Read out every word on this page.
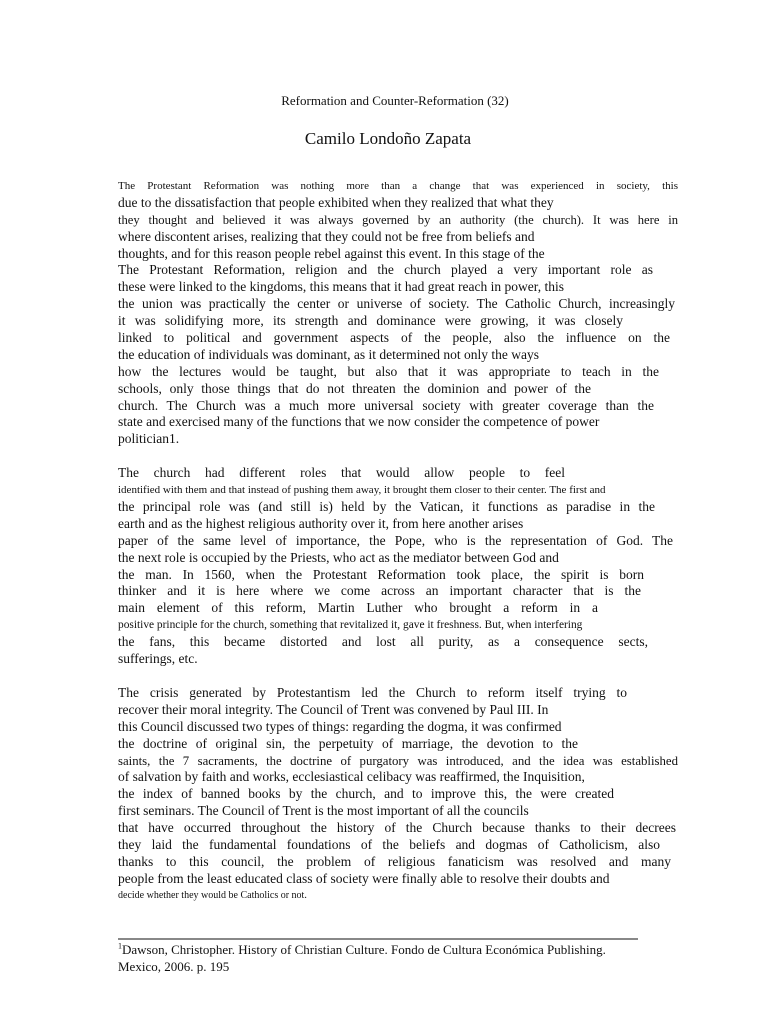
Reformation and Counter-Reformation (32)
Camilo Londoño Zapata
The Protestant Reformation was nothing more than a change that was experienced in society, this
due to the dissatisfaction that people exhibited when they realized that what they
they thought and believed it was always governed by an authority (the church). It was here in
where discontent arises, realizing that they could not be free from beliefs and
thoughts, and for this reason people rebel against this event. In this stage of the
The Protestant Reformation, religion and the church played a very important role as
these were linked to the kingdoms, this means that it had great reach in power, this
the union was practically the center or universe of society. The Catholic Church, increasingly
it was solidifying more, its strength and dominance were growing, it was closely
linked to political and government aspects of the people, also the influence on the
the education of individuals was dominant, as it determined not only the ways
how the lectures would be taught, but also that it was appropriate to teach in the
schools, only those things that do not threaten the dominion and power of the
church. The Church was a much more universal society with greater coverage than the
state and exercised many of the functions that we now consider the competence of power
politician1.
The church had different roles that would allow people to feel
identified with them and that instead of pushing them away, it brought them closer to their center. The first and
the principal role was (and still is) held by the Vatican, it functions as paradise in the
earth and as the highest religious authority over it, from here another arises
paper of the same level of importance, the Pope, who is the representation of God. The
the next role is occupied by the Priests, who act as the mediator between God and
the man. In 1560, when the Protestant Reformation took place, the spirit is born
thinker and it is here where we come across an important character that is the
main element of this reform, Martin Luther who brought a reform in a
positive principle for the church, something that revitalized it, gave it freshness. But, when interfering
the fans, this became distorted and lost all purity, as a consequence sects,
sufferings, etc.
The crisis generated by Protestantism led the Church to reform itself trying to
recover their moral integrity. The Council of Trent was convened by Paul III. In
this Council discussed two types of things: regarding the dogma, it was confirmed
the doctrine of original sin, the perpetuity of marriage, the devotion to the
saints, the 7 sacraments, the doctrine of purgatory was introduced, and the idea was established
of salvation by faith and works, ecclesiastical celibacy was reaffirmed, the Inquisition,
the index of banned books by the church, and to improve this, the were created
first seminars. The Council of Trent is the most important of all the councils
that have occurred throughout the history of the Church because thanks to their decrees
they laid the fundamental foundations of the beliefs and dogmas of Catholicism, also
thanks to this council, the problem of religious fanaticism was resolved and many
people from the least educated class of society were finally able to resolve their doubts and
decide whether they would be Catholics or not.
$^1$Dawson, Christopher. History of Christian Culture. Fondo de Cultura Económica Publishing.
Mexico, 2006. p. 195
